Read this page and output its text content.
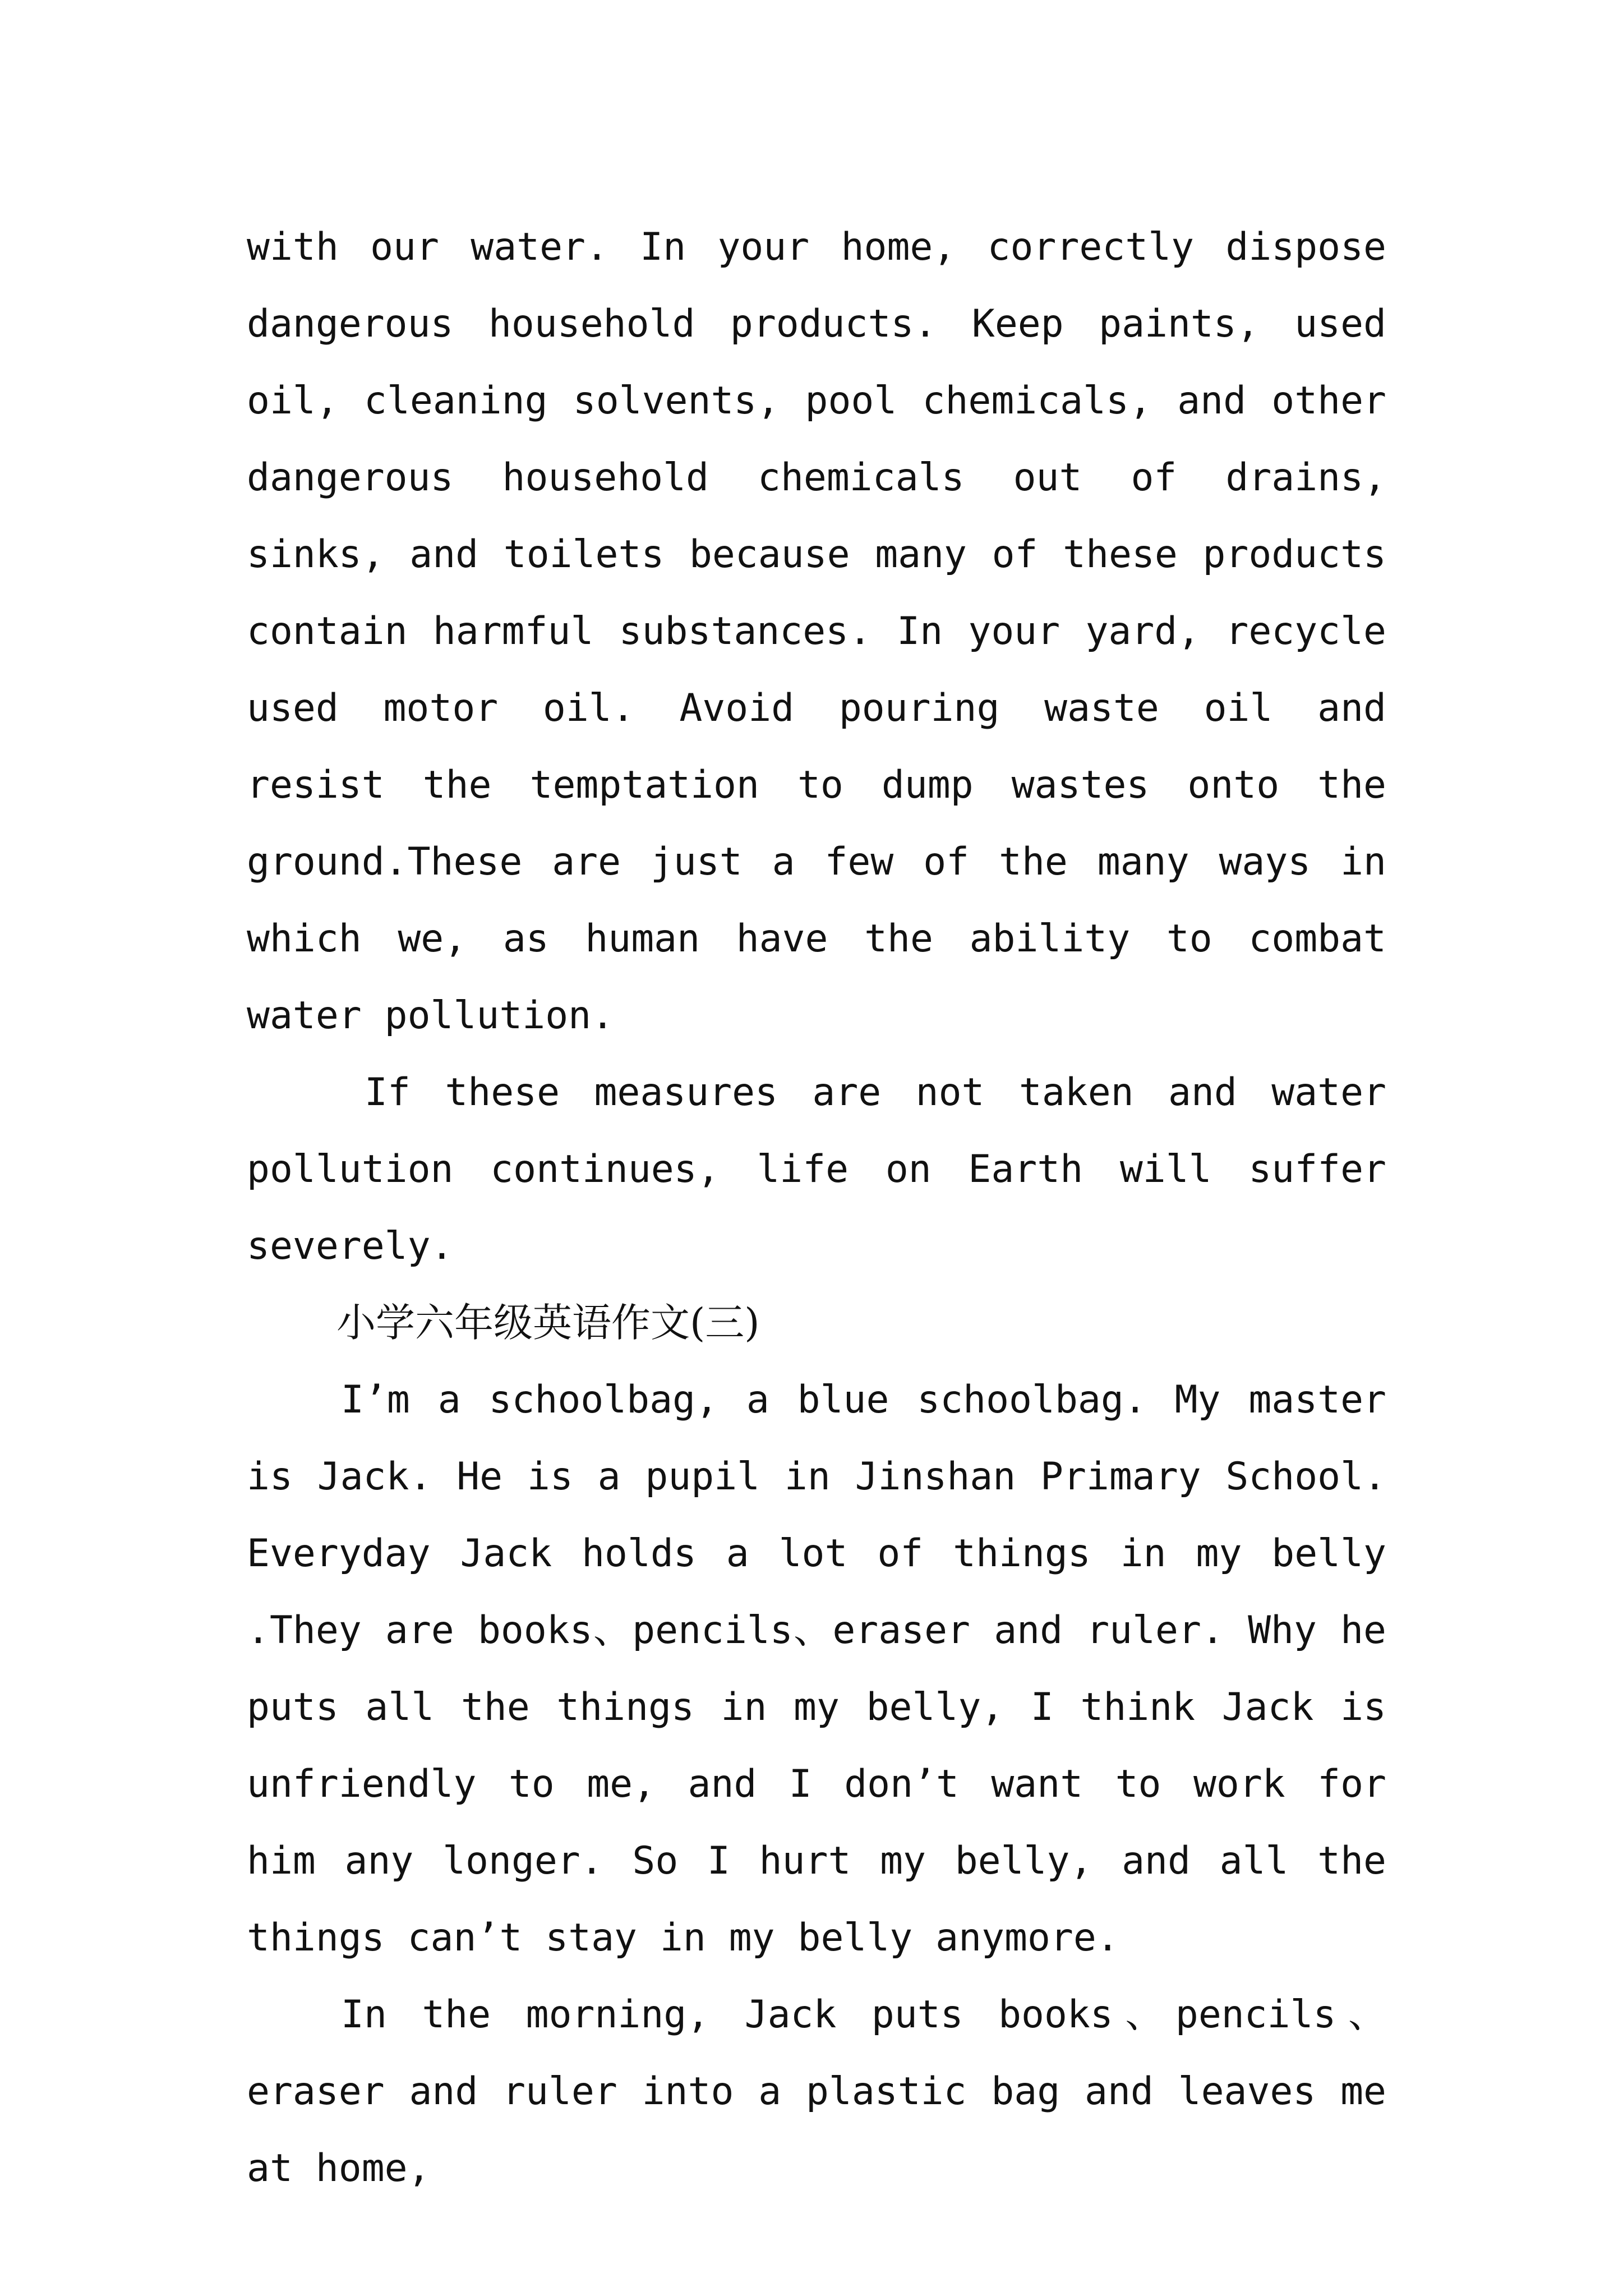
with our water. In your home, correctly dispose dangerous household products. Keep paints, used oil, cleaning solvents, pool chemicals, and other dangerous household chemicals out of drains, sinks, and toilets because many of these products contain harmful substances. In your yard, recycle used motor oil. Avoid pouring waste oil and resist the temptation to dump wastes onto the ground.These are just a few of the many ways in which we, as human have the ability to combat water pollution.

If these measures are not taken and water pollution continues, life on Earth will suffer severely.

小学六年级英语作文(三)

I’m a schoolbag, a blue schoolbag. My master is Jack. He is a pupil in Jinshan Primary School. Everyday Jack holds a lot of things in my belly .They are books、pencils、eraser and ruler. Why he puts all the things in my belly, I think Jack is unfriendly to me, and I don’t want to work for him any longer. So I hurt my belly, and all the things can’t stay in my belly anymore.

In the morning, Jack puts books、pencils、eraser and ruler into a plastic bag and leaves me at home,
